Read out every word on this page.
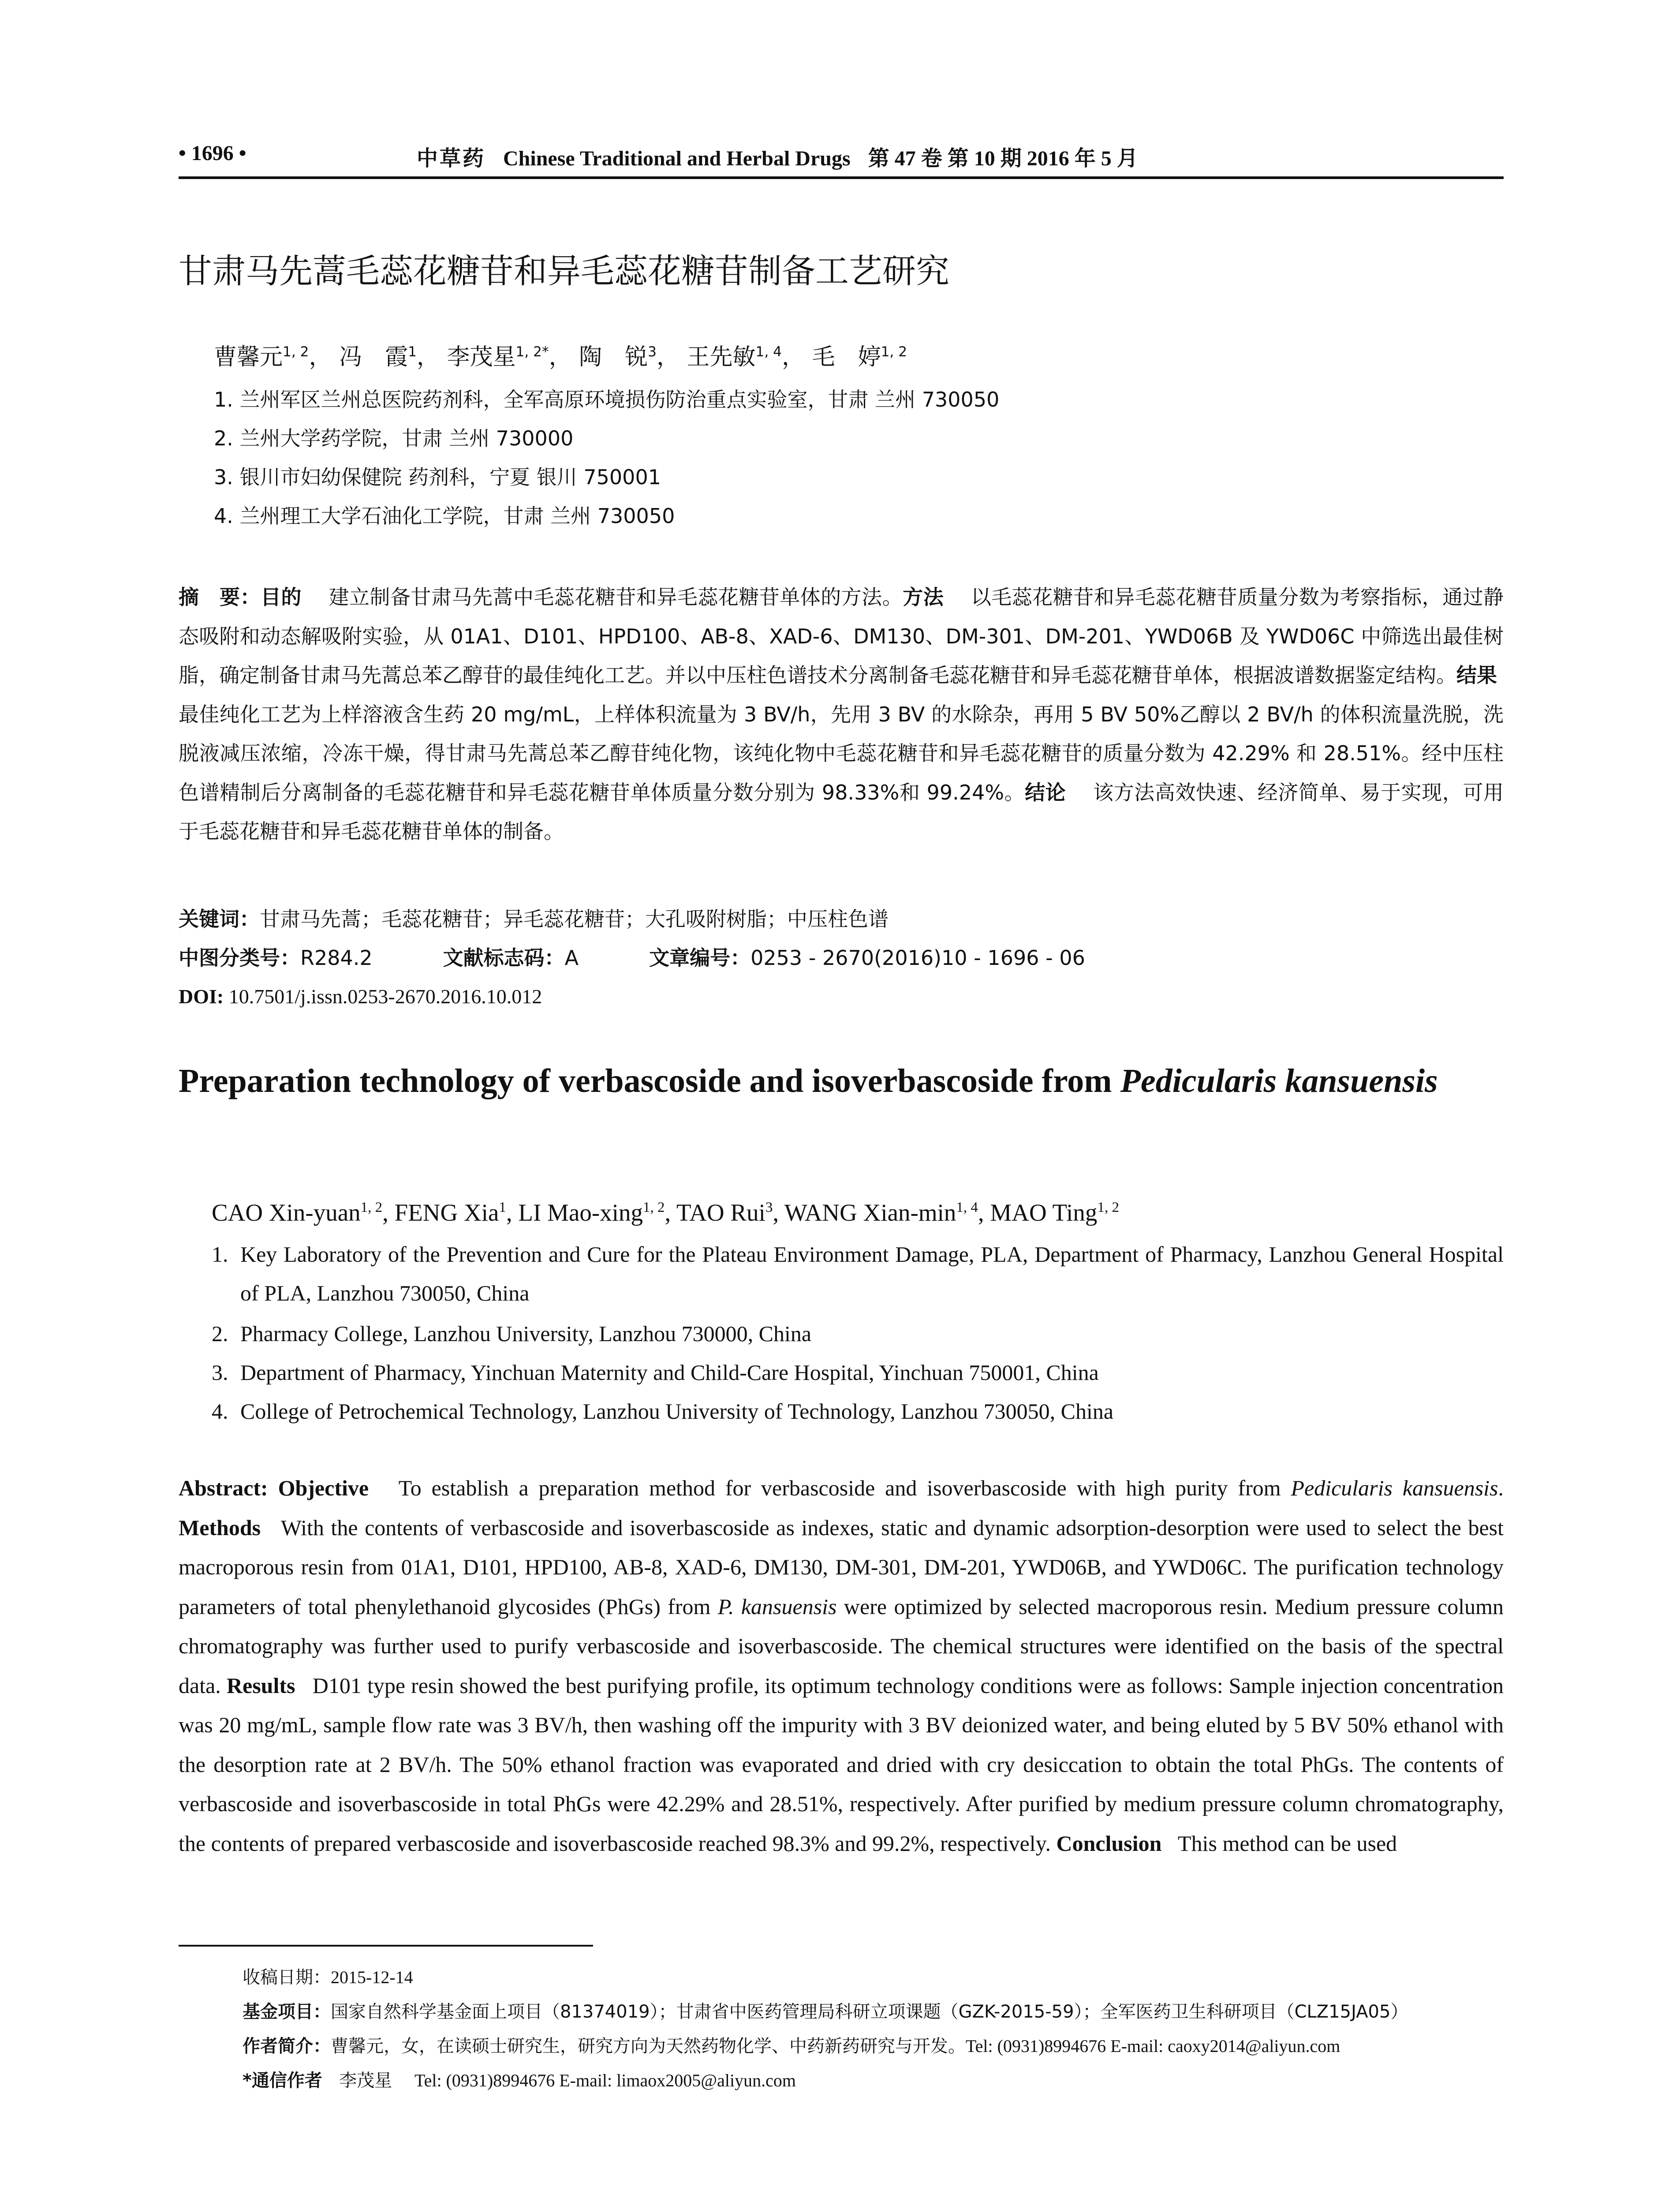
• 1696 •	中草药 Chinese Traditional and Herbal Drugs 第 47 卷 第 10 期 2016 年 5 月
甘肃马先蒿毛蕊花糖苷和异毛蕊花糖苷制备工艺研究
曹馨元$^{1, 2}$， 冯　霞$^1$， 李茂星$^{1, 2*}$， 陶　锐$^3$， 王先敏$^{1, 4}$， 毛　婷$^{1, 2}$
1. 兰州军区兰州总医院药剂科，全军高原环境损伤防治重点实验室，甘肃 兰州 730050
2. 兰州大学药学院，甘肃 兰州 730000
3. 银川市妇幼保健院 药剂科，宁夏 银川 750001
4. 兰州理工大学石油化工学院，甘肃 兰州 730050
摘　要：目的　 建立制备甘肃马先蒿中毛蕊花糖苷和异毛蕊花糖苷单体的方法。方法　 以毛蕊花糖苷和异毛蕊花糖苷质量分数为考察指标，通过静态吸附和动态解吸附实验，从 01A1、D101、HPD100、AB-8、XAD-6、DM130、DM-301、DM-201、YWD06B 及 YWD06C 中筛选出最佳树脂，确定制备甘肃马先蒿总苯乙醇苷的最佳纯化工艺。并以中压柱色谱技术分离制备毛蕊花糖苷和异毛蕊花糖苷单体，根据波谱数据鉴定结构。结果　 最佳纯化工艺为上样溶液含生药 20 mg/mL，上样体积流量为 3 BV/h，先用 3 BV 的水除杂，再用 5 BV 50%乙醇以 2 BV/h 的体积流量洗脱，洗脱液减压浓缩，冷冻干燥，得甘肃马先蒿总苯乙醇苷纯化物，该纯化物中毛蕊花糖苷和异毛蕊花糖苷的质量分数为 42.29% 和 28.51%。经中压柱色谱精制后分离制备的毛蕊花糖苷和异毛蕊花糖苷单体质量分数分别为 98.33%和 99.24%。结论　 该方法高效快速、经济简单、易于实现，可用于毛蕊花糖苷和异毛蕊花糖苷单体的制备。
关键词：甘肃马先蒿；毛蕊花糖苷；异毛蕊花糖苷；大孔吸附树脂；中压柱色谱
中图分类号：R284.2	文献标志码：A	文章编号：0253 - 2670(2016)10 - 1696 - 06
DOI: 10.7501/j.issn.0253-2670.2016.10.012
Preparation technology of verbascoside and isoverbascoside from Pedicularis kansuensis
CAO Xin-yuan$^{1, 2}$, FENG Xia$^1$, LI Mao-xing$^{1, 2}$, TAO Rui$^3$, WANG Xian-$\min^{1, 4}$, MAO Ting$^{1, 2}$
1. Key Laboratory of the Prevention and Cure for the Plateau Environment Damage, PLA, Department of Pharmacy, Lanzhou General Hospital of PLA, Lanzhou 730050, China
2. Pharmacy College, Lanzhou University, Lanzhou 730000, China
3. Department of Pharmacy, Yinchuan Maternity and Child-Care Hospital, Yinchuan 750001, China
4. College of Petrochemical Technology, Lanzhou University of Technology, Lanzhou 730050, China
Abstract: Objective To establish a preparation method for verbascoside and isoverbascoside with high purity from Pedicularis kansuensis. Methods With the contents of verbascoside and isoverbascoside as indexes, static and dynamic adsorption-desorption were used to select the best macroporous resin from 01A1, D101, HPD100, AB-8, XAD-6, DM130, DM-301, DM-201, YWD06B, and YWD06C. The purification technology parameters of total phenylethanoid glycosides (PhGs) from P. kansuensis were optimized by selected macroporous resin. Medium pressure column chromatography was further used to purify verbascoside and isoverbascoside. The chemical structures were identified on the basis of the spectral data. Results D101 type resin showed the best purifying profile, its optimum technology conditions were as follows: Sample injection concentration was 20 mg/mL, sample flow rate was 3 BV/h, then washing off the impurity with 3 BV deionized water, and being eluted by 5 BV 50% ethanol with the desorption rate at 2 BV/h. The 50% ethanol fraction was evaporated and dried with cry desiccation to obtain the total PhGs. The contents of verbascoside and isoverbascoside in total PhGs were 42.29% and 28.51%, respectively. After purified by medium pressure column chromatography, the contents of prepared verbascoside and isoverbascoside reached 98.3% and 99.2%, respectively. Conclusion This method can be used
收稿日期：2015-12-14
基金项目：国家自然科学基金面上项目（81374019）；甘肃省中医药管理局科研立项课题（GZK-2015-59）；全军医药卫生科研项目（CLZ15JA05）
作者简介：曹馨元，女，在读硕士研究生，研究方向为天然药物化学、中药新药研究与开发。Tel: (0931)8994676 E-mail: caoxy2014@aliyun.com
*通信作者 李茂星 Tel: (0931)8994676 E-mail: limaox2005@aliyun.com
